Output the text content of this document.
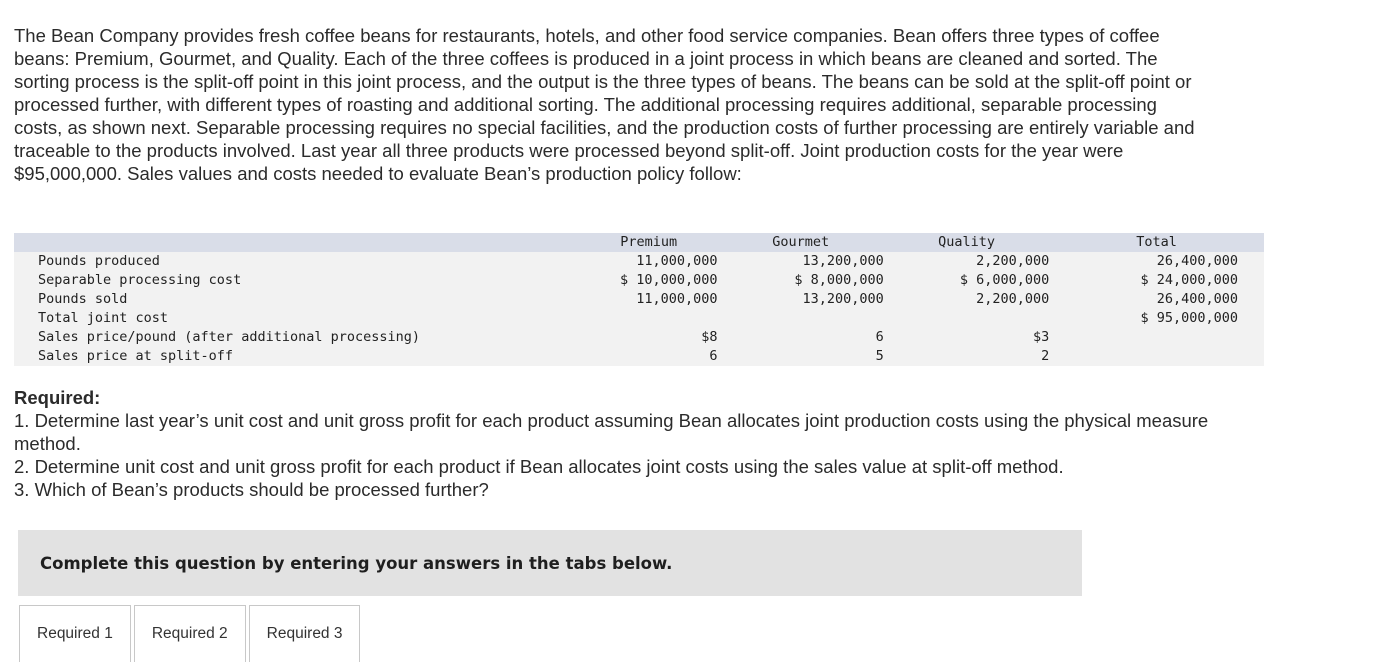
The Bean Company provides fresh coffee beans for restaurants, hotels, and other food service companies. Bean offers three types of coffee beans: Premium, Gourmet, and Quality. Each of the three coffees is produced in a joint process in which beans are cleaned and sorted. The sorting process is the split-off point in this joint process, and the output is the three types of beans. The beans can be sold at the split-off point or processed further, with different types of roasting and additional sorting. The additional processing requires additional, separable processing costs, as shown next. Separable processing requires no special facilities, and the production costs of further processing are entirely variable and traceable to the products involved. Last year all three products were processed beyond split-off. Joint production costs for the year were $95,000,000. Sales values and costs needed to evaluate Bean’s production policy follow:

	Premium	Gourmet	Quality	Total
Pounds produced	11,000,000	13,200,000	2,200,000	26,400,000
Separable processing cost	$ 10,000,000	$ 8,000,000	$ 6,000,000	$ 24,000,000
Pounds sold	11,000,000	13,200,000	2,200,000	26,400,000
Total joint cost				$ 95,000,000
Sales price/pound (after additional processing)	$8	6	$3	
Sales price at split-off	6	5	2	

Required:

1. Determine last year’s unit cost and unit gross profit for each product assuming Bean allocates joint production costs using the physical measure method.

2. Determine unit cost and unit gross profit for each product if Bean allocates joint costs using the sales value at split-off method.

3. Which of Bean’s products should be processed further?

Complete this question by entering your answers in the tabs below.
Required 1	Required 2	Required 3
